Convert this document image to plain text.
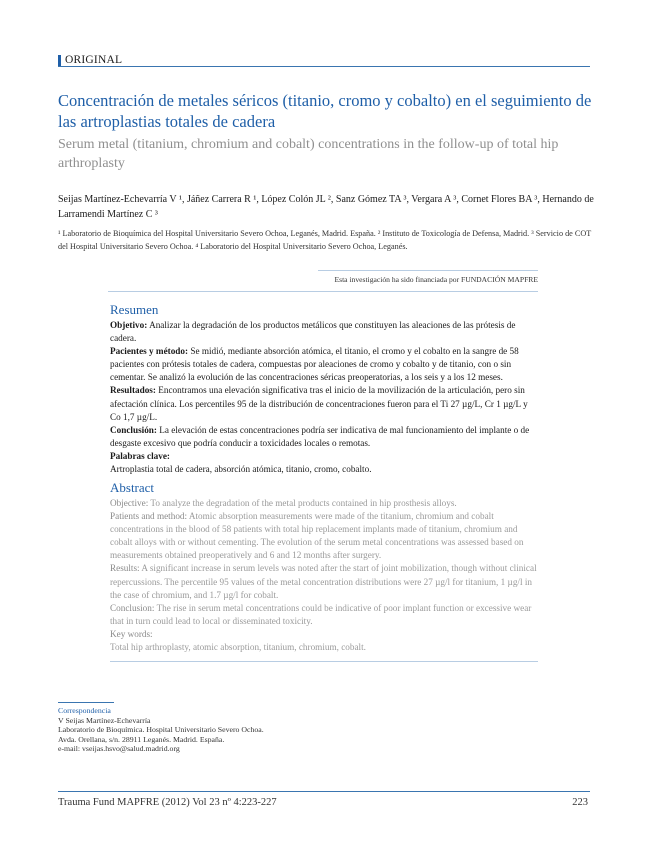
ORIGINAL
Concentración de metales séricos (titanio, cromo y cobalto) en el seguimiento de las artroplastias totales de cadera
Serum metal (titanium, chromium and cobalt) concentrations in the follow-up of total hip arthroplasty
Seijas Martínez-Echevarría V ¹, Jáñez Carrera R ¹, López Colón JL ², Sanz Gómez TA ³, Vergara A ³, Cornet Flores BA ³, Hernando de Larramendi Martínez C ³
¹ Laboratorio de Bioquímica del Hospital Universitario Severo Ochoa, Leganés, Madrid. España. ² Instituto de Toxicología de Defensa, Madrid. ³ Servicio de COT del Hospital Universitario Severo Ochoa. ⁴ Laboratorio del Hospital Universitario Severo Ochoa, Leganés.
Esta investigación ha sido financiada por FUNDACIÓN MAPFRE
Resumen

Objetivo: Analizar la degradación de los productos metálicos que constituyen las aleaciones de las prótesis de cadera.

Pacientes y método: Se midió, mediante absorción atómica, el titanio, el cromo y el cobalto en la sangre de 58 pacientes con prótesis totales de cadera, compuestas por aleaciones de cromo y cobalto y de titanio, con o sin cementar. Se analizó la evolución de las concentraciones séricas preoperatorias, a los seis y a los 12 meses.

Resultados: Encontramos una elevación significativa tras el inicio de la movilización de la articulación, pero sin afectación clínica. Los percentiles 95 de la distribución de concentraciones fueron para el Ti 27 µg/L, Cr 1 µg/L y Co 1,7 µg/L.

Conclusión: La elevación de estas concentraciones podría ser indicativa de mal funcionamiento del implante o de desgaste excesivo que podría conducir a toxicidades locales o remotas.

Palabras clave:

Artroplastia total de cadera, absorción atómica, titanio, cromo, cobalto.

Abstract

Objective: To analyze the degradation of the metal products contained in hip prosthesis alloys.

Patients and method: Atomic absorption measurements were made of the titanium, chromium and cobalt concentrations in the blood of 58 patients with total hip replacement implants made of titanium, chromium and cobalt alloys with or without cementing. The evolution of the serum metal concentrations was assessed based on measurements obtained preoperatively and 6 and 12 months after surgery.

Results: A significant increase in serum levels was noted after the start of joint mobilization, though without clinical repercussions. The percentile 95 values of the metal concentration distributions were 27 µg/l for titanium, 1 µg/l in the case of chromium, and 1.7 µg/l for cobalt.

Conclusion: The rise in serum metal concentrations could be indicative of poor implant function or excessive wear that in turn could lead to local or disseminated toxicity.

Key words:

Total hip arthroplasty, atomic absorption, titanium, chromium, cobalt.

Correspondencia
V Seijas Martínez-Echevarría
Laboratorio de Bioquímica. Hospital Universitario Severo Ochoa.
Avda. Orellana, s/n. 28911 Leganés. Madrid. España.
e-mail: vseijas.hsvo@salud.madrid.org
Trauma Fund MAPFRE (2012) Vol 23 nº 4:223-227	223
